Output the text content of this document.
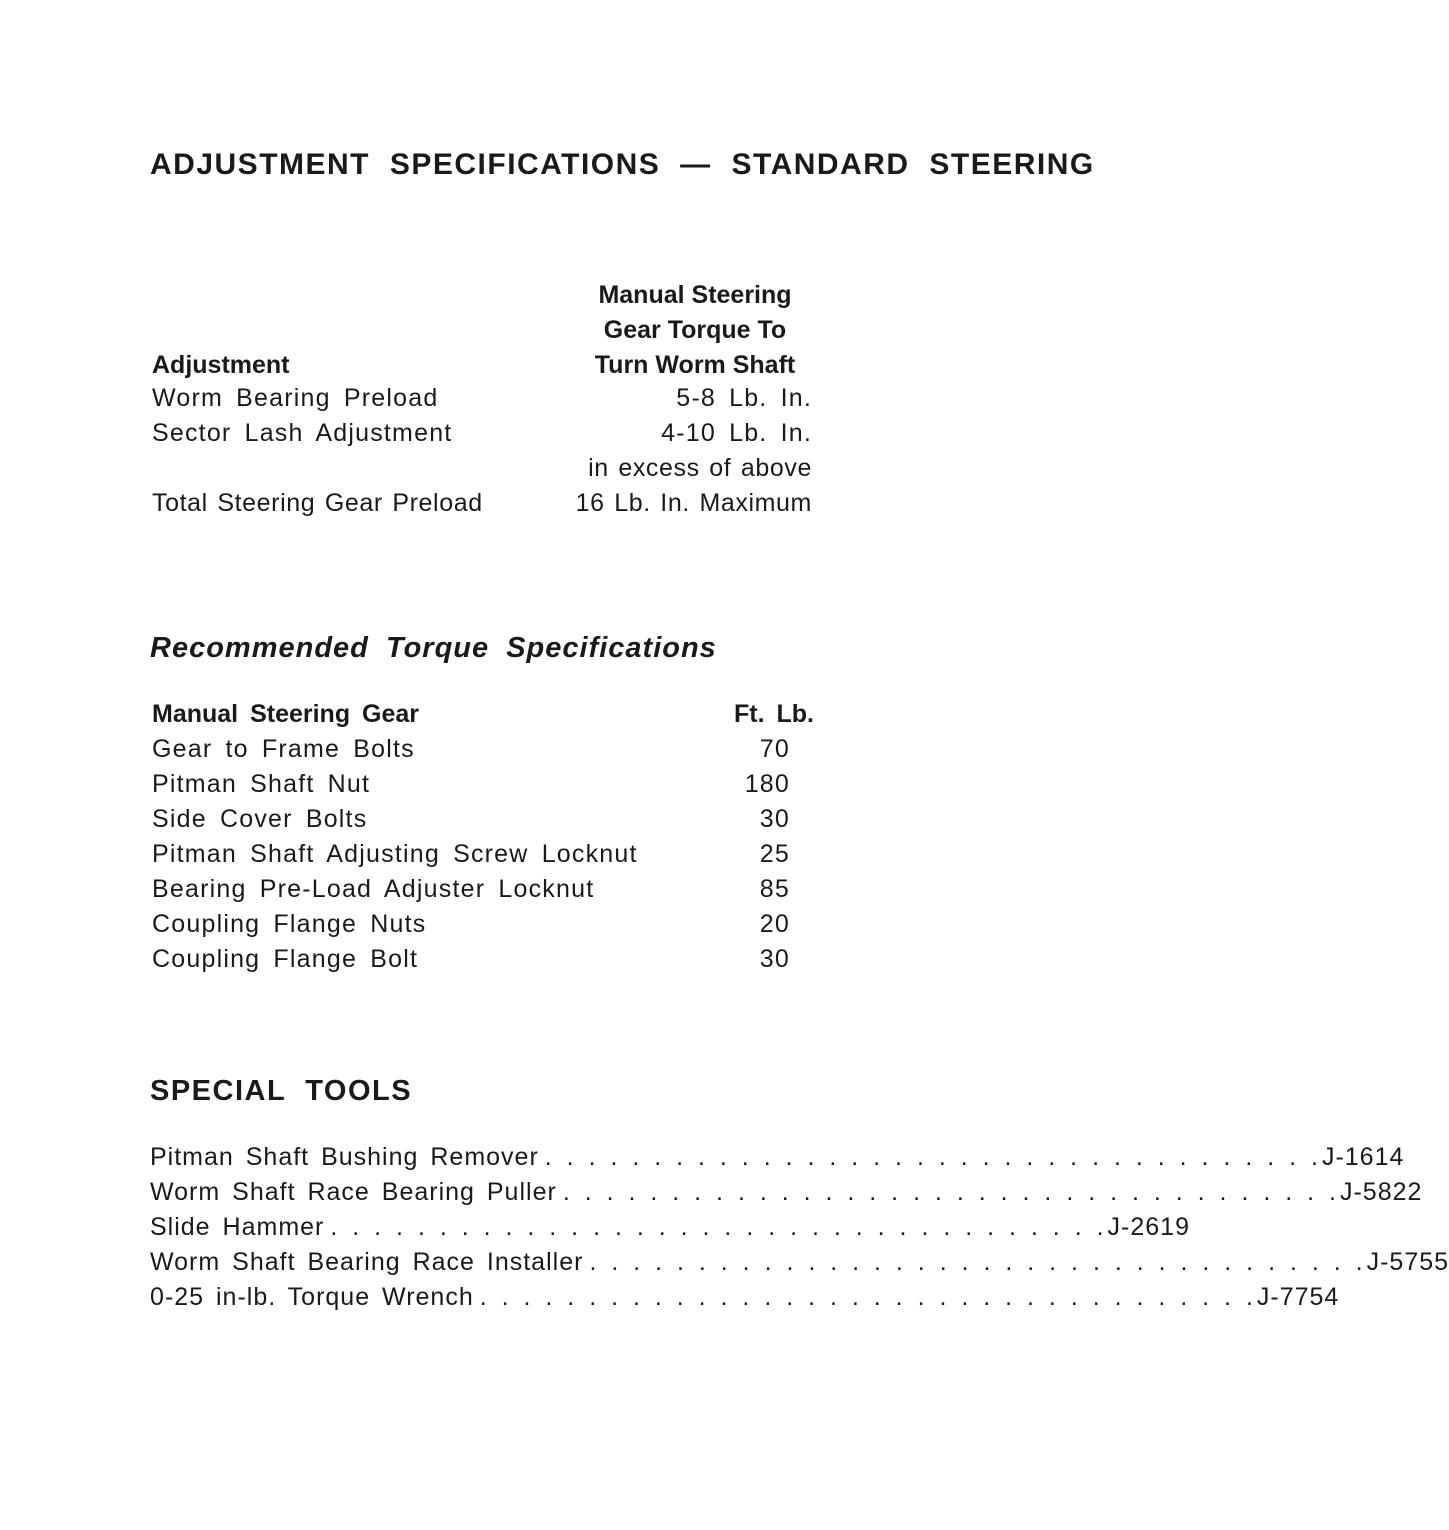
ADJUSTMENT SPECIFICATIONS — STANDARD STEERING
Manual Steering
Gear Torque To
Turn Worm Shaft
Adjustment
Worm Bearing Preload	5-8 Lb. In.
Sector Lash Adjustment	4-10 Lb. In.
in excess of above
Total Steering Gear Preload	16 Lb. In. Maximum
Recommended Torque Specifications
Manual Steering Gear	Ft. Lb.
Gear to Frame Bolts	70
Pitman Shaft Nut	180
Side Cover Bolts	30
Pitman Shaft Adjusting Screw Locknut	25
Bearing Pre-Load Adjuster Locknut	85
Coupling Flange Nuts	20
Coupling Flange Bolt	30
SPECIAL TOOLS
Pitman Shaft Bushing Remover . . . . . . . . . . . . . . . . . . . . . . . . . . . . . . . . . . . . J-1614
Worm Shaft Race Bearing Puller . . . . . . . . . . . . . . . . . . . . . . . . . . . . . . . . . . . . J-5822
Slide Hammer . . . . . . . . . . . . . . . . . . . . . . . . . . . . . . . . . . . . J-2619
Worm Shaft Bearing Race Installer . . . . . . . . . . . . . . . . . . . . . . . . . . . . . . . . . . . . J-5755
0-25 in-lb. Torque Wrench . . . . . . . . . . . . . . . . . . . . . . . . . . . . . . . . . . . . J-7754
